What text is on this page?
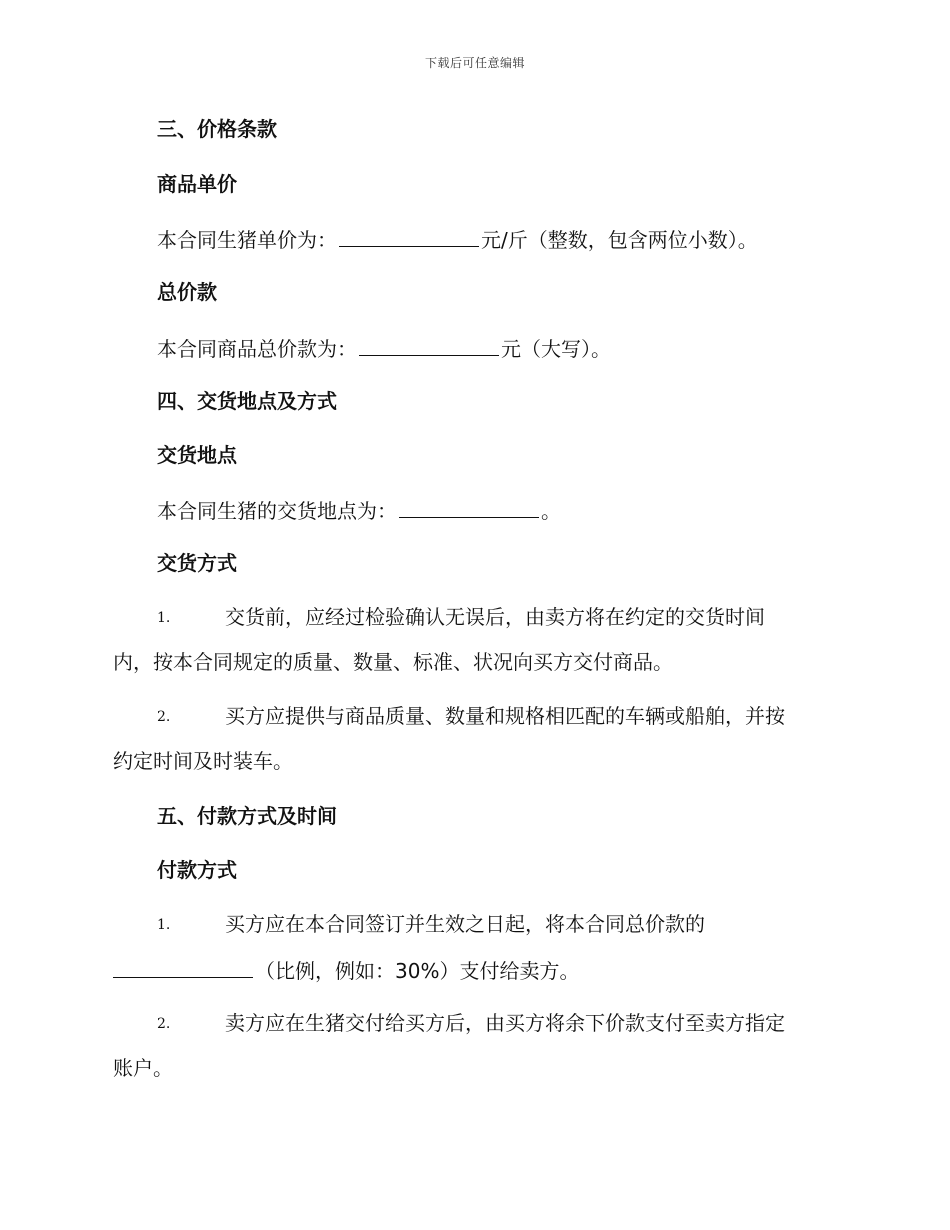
下载后可任意编辑
三、价格条款
商品单价
本合同生猪单价为：	元/斤（整数，包含两位小数）。
总价款
本合同商品总价款为：	元（大写）。
四、交货地点及方式
交货地点
本合同生猪的交货地点为：	。
交货方式
1.	交货前，应经过检验确认无误后，由卖方将在约定的交货时间
内，按本合同规定的质量、数量、标准、状况向买方交付商品。
2.	买方应提供与商品质量、数量和规格相匹配的车辆或船舶，并按
约定时间及时装车。
五、付款方式及时间
付款方式
1.	买方应在本合同签订并生效之日起，将本合同总价款的
（比例，例如：30%）支付给卖方。
2.	卖方应在生猪交付给买方后，由买方将余下价款支付至卖方指定
账户。
